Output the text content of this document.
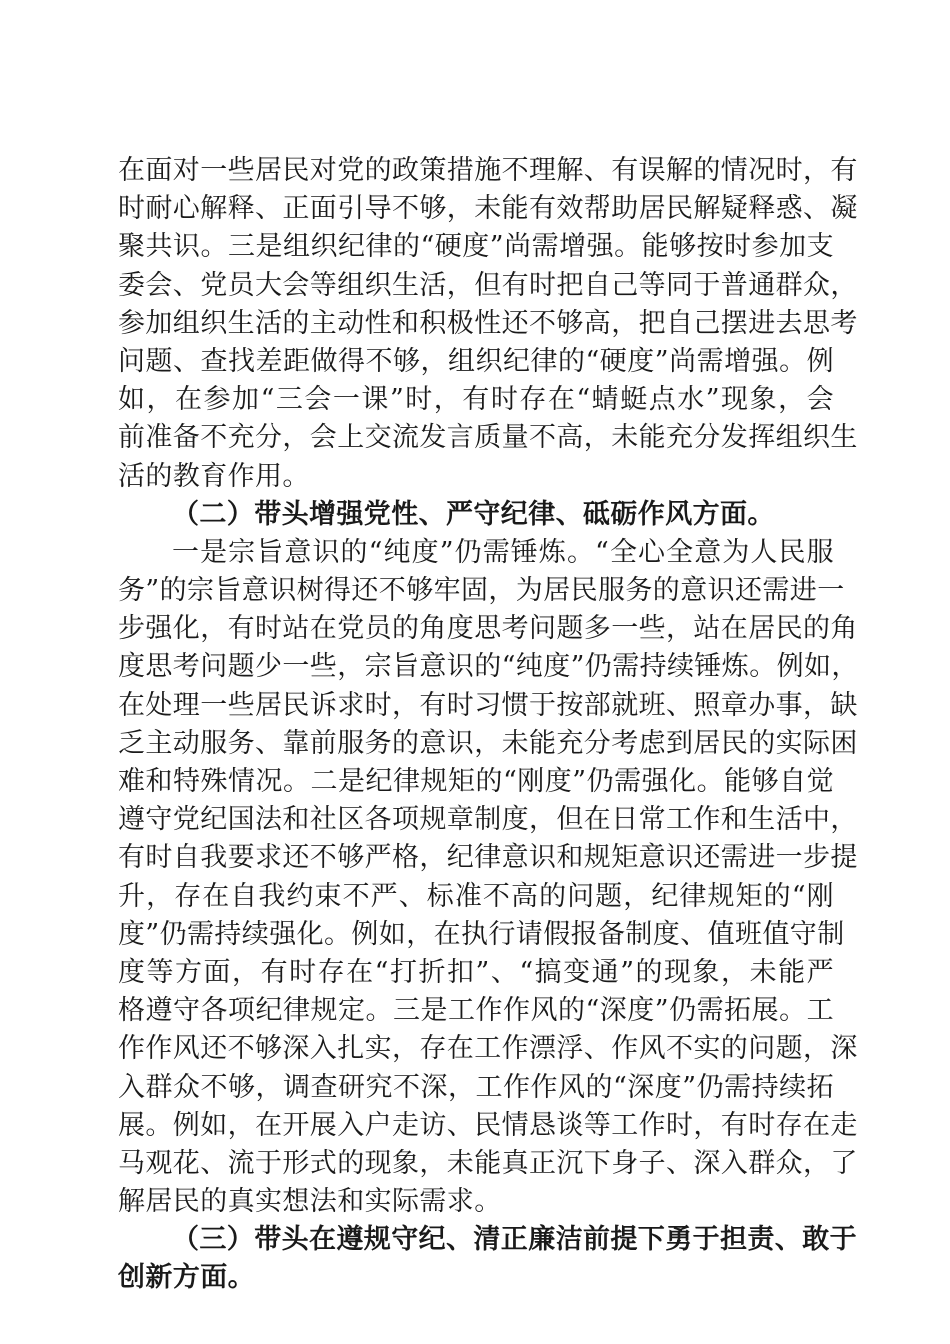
在面对一些居民对党的政策措施不理解、有误解的情况时，有
时耐心解释、正面引导不够，未能有效帮助居民解疑释惑、凝
聚共识。三是组织纪律的“硬度”尚需增强。能够按时参加支
委会、党员大会等组织生活，但有时把自己等同于普通群众，
参加组织生活的主动性和积极性还不够高，把自己摆进去思考
问题、查找差距做得不够，组织纪律的“硬度”尚需增强。例
如，在参加“三会一课”时，有时存在“蜻蜓点水”现象，会
前准备不充分，会上交流发言质量不高，未能充分发挥组织生
活的教育作用。
（二）带头增强党性、严守纪律、砥砺作风方面。
一是宗旨意识的“纯度”仍需锤炼。“全心全意为人民服
务”的宗旨意识树得还不够牢固，为居民服务的意识还需进一
步强化，有时站在党员的角度思考问题多一些，站在居民的角
度思考问题少一些，宗旨意识的“纯度”仍需持续锤炼。例如，
在处理一些居民诉求时，有时习惯于按部就班、照章办事，缺
乏主动服务、靠前服务的意识，未能充分考虑到居民的实际困
难和特殊情况。二是纪律规矩的“刚度”仍需强化。能够自觉
遵守党纪国法和社区各项规章制度，但在日常工作和生活中，
有时自我要求还不够严格，纪律意识和规矩意识还需进一步提
升，存在自我约束不严、标准不高的问题，纪律规矩的“刚
度”仍需持续强化。例如，在执行请假报备制度、值班值守制
度等方面，有时存在“打折扣”、“搞变通”的现象，未能严
格遵守各项纪律规定。三是工作作风的“深度”仍需拓展。工
作作风还不够深入扎实，存在工作漂浮、作风不实的问题，深
入群众不够，调查研究不深，工作作风的“深度”仍需持续拓
展。例如，在开展入户走访、民情恳谈等工作时，有时存在走
马观花、流于形式的现象，未能真正沉下身子、深入群众，了
解居民的真实想法和实际需求。
（三）带头在遵规守纪、清正廉洁前提下勇于担责、敢于
创新方面。
